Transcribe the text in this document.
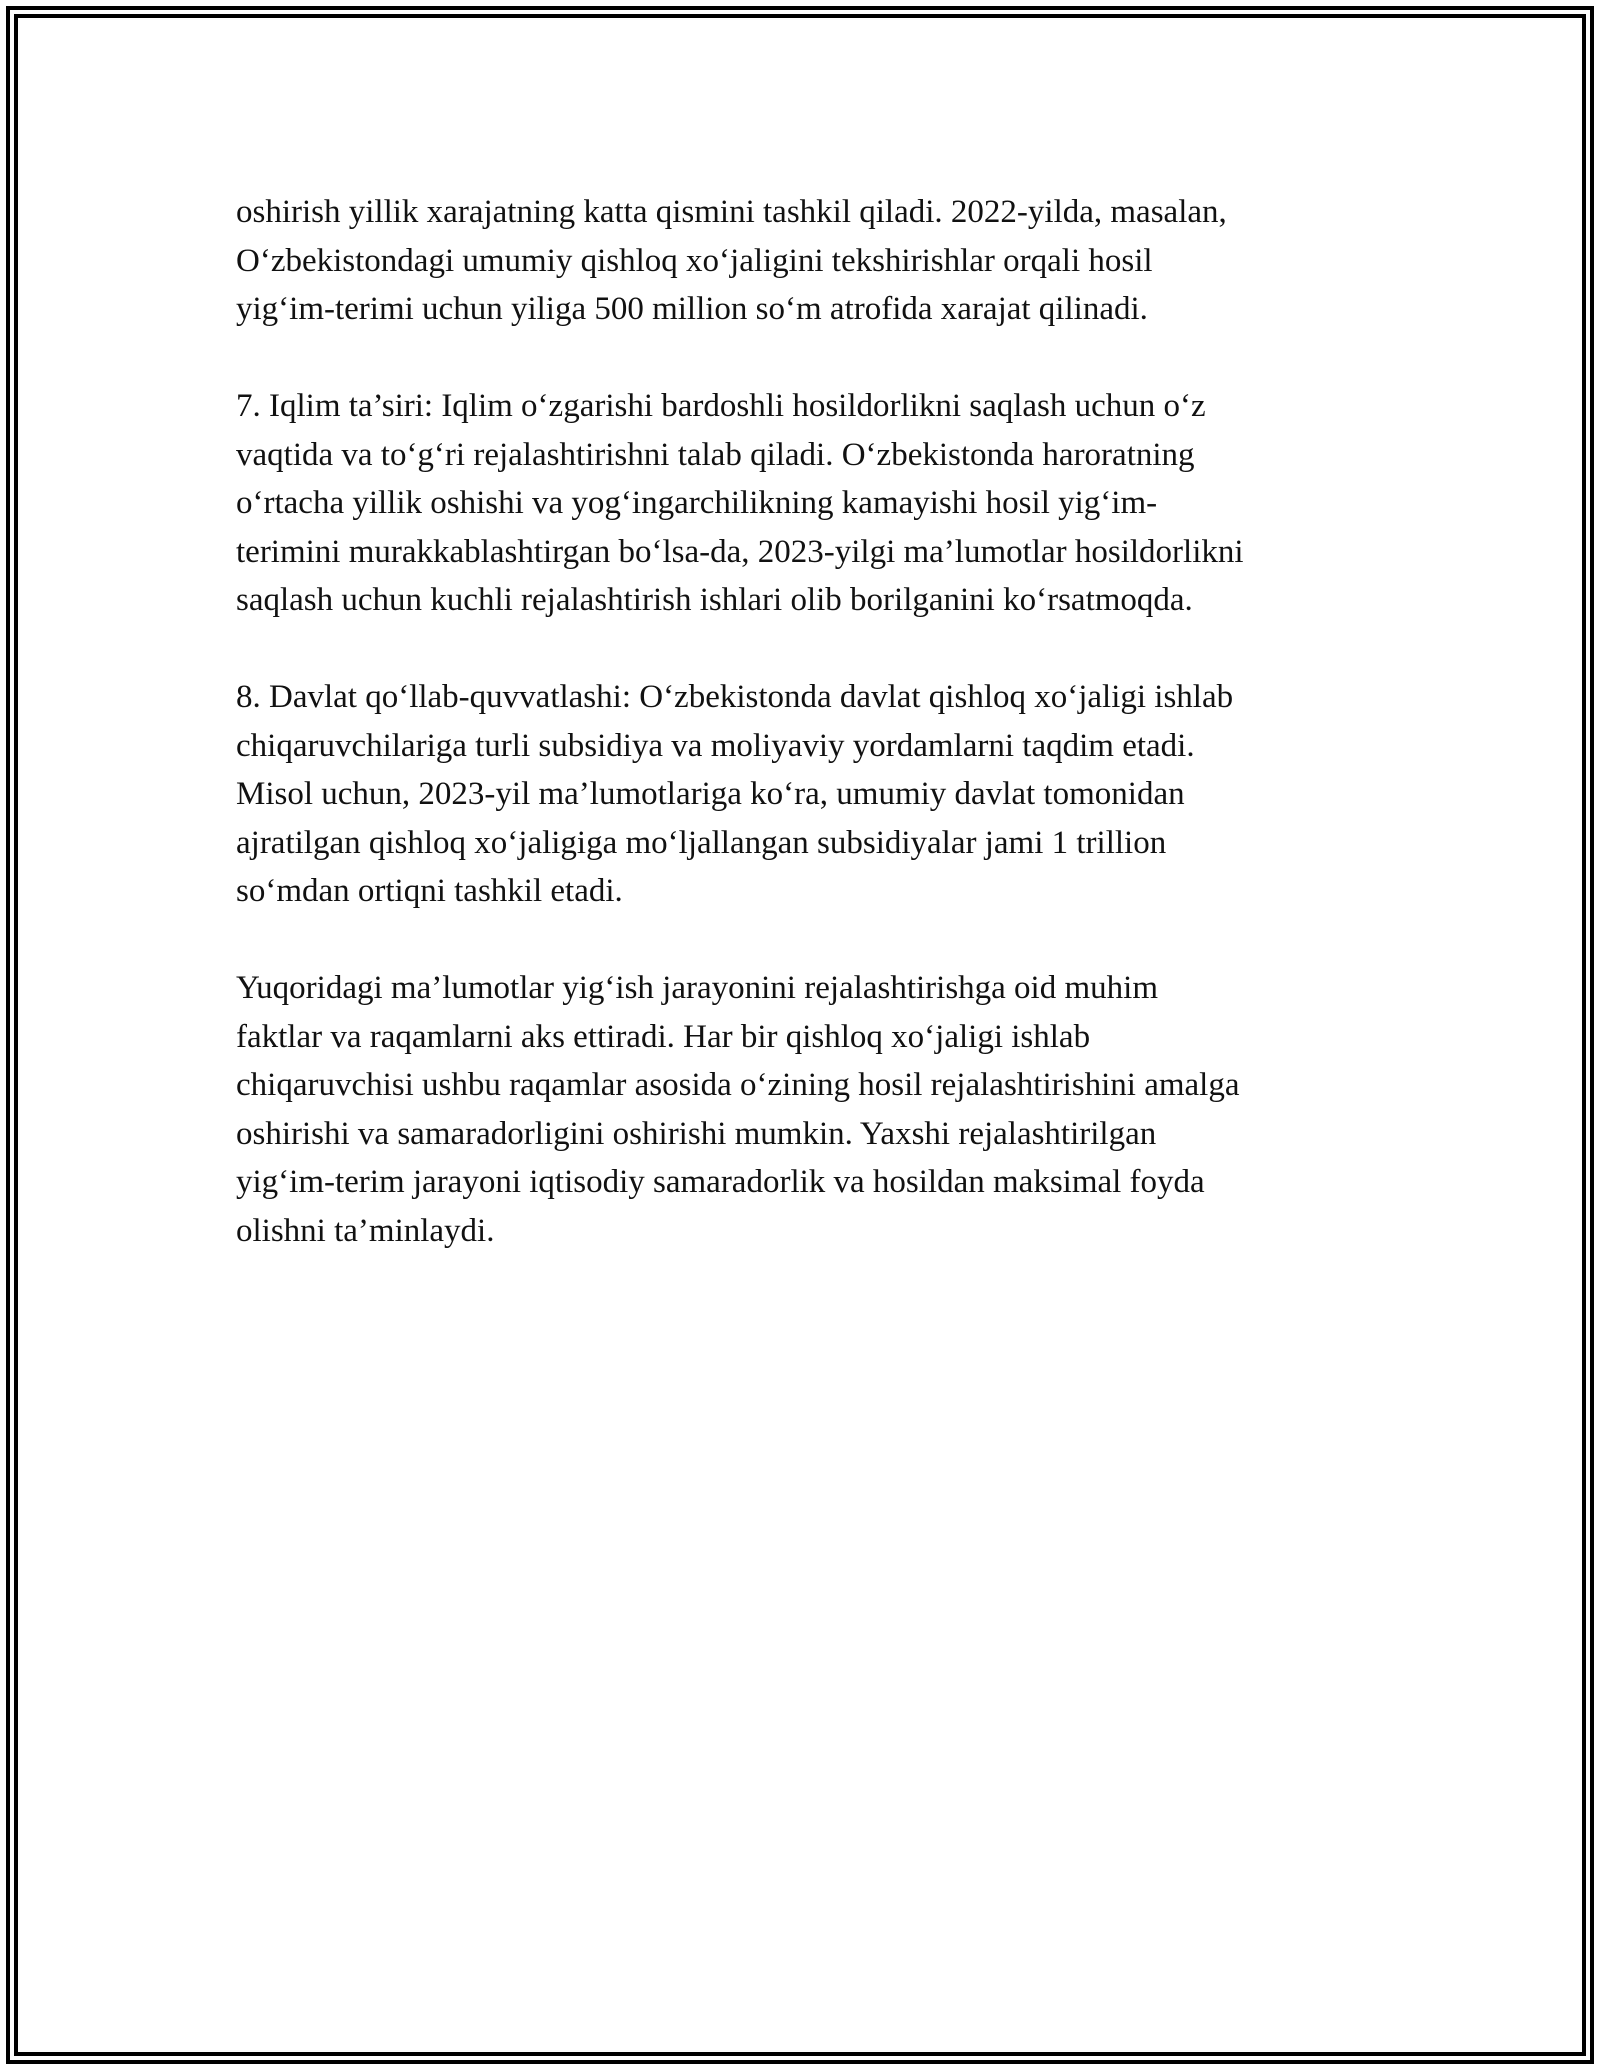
oshirish yillik xarajatning katta qismini tashkil qiladi. 2022-yilda, masalan,
O‘zbekistondagi umumiy qishloq xo‘jaligini tekshirishlar orqali hosil
yig‘im-terimi uchun yiliga 500 million so‘m atrofida xarajat qilinadi.

7. Iqlim ta’siri: Iqlim o‘zgarishi bardoshli hosildorlikni saqlash uchun o‘z
vaqtida va to‘g‘ri rejalashtirishni talab qiladi. O‘zbekistonda haroratning
o‘rtacha yillik oshishi va yog‘ingarchilikning kamayishi hosil yig‘im-
terimini murakkablashtirgan bo‘lsa-da, 2023-yilgi ma’lumotlar hosildorlikni
saqlash uchun kuchli rejalashtirish ishlari olib borilganini ko‘rsatmoqda.

8. Davlat qo‘llab-quvvatlashi: O‘zbekistonda davlat qishloq xo‘jaligi ishlab
chiqaruvchilariga turli subsidiya va moliyaviy yordamlarni taqdim etadi.
Misol uchun, 2023-yil ma’lumotlariga ko‘ra, umumiy davlat tomonidan
ajratilgan qishloq xo‘jaligiga mo‘ljallangan subsidiyalar jami 1 trillion
so‘mdan ortiqni tashkil etadi.

Yuqoridagi ma’lumotlar yig‘ish jarayonini rejalashtirishga oid muhim
faktlar va raqamlarni aks ettiradi. Har bir qishloq xo‘jaligi ishlab
chiqaruvchisi ushbu raqamlar asosida o‘zining hosil rejalashtirishini amalga
oshirishi va samaradorligini oshirishi mumkin. Yaxshi rejalashtirilgan
yig‘im-terim jarayoni iqtisodiy samaradorlik va hosildan maksimal foyda
olishni ta’minlaydi.
